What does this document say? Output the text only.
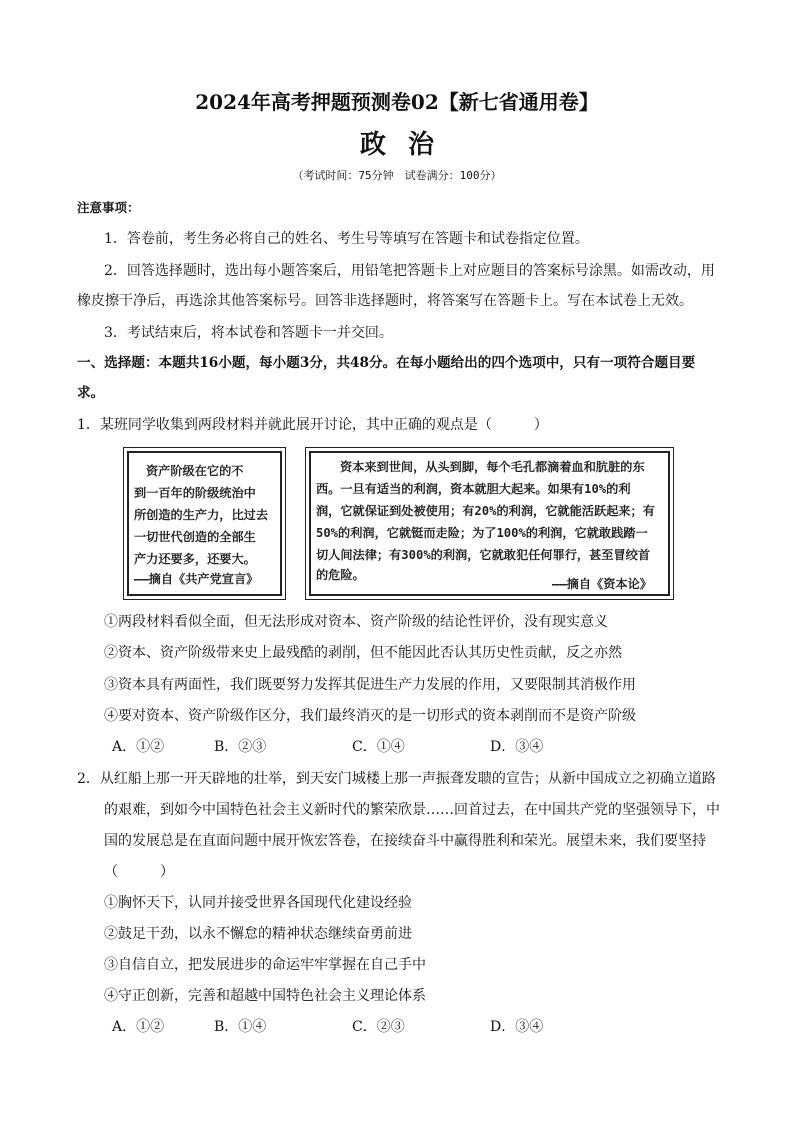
2024年高考押题预测卷02【新七省通用卷】
政治
（考试时间：75分钟　试卷满分：100分）
注意事项：
1．答卷前，考生务必将自己的姓名、考生号等填写在答题卡和试卷指定位置。
2．回答选择题时，选出每小题答案后，用铅笔把答题卡上对应题目的答案标号涂黑。如需改动，用
橡皮擦干净后，再选涂其他答案标号。回答非选择题时，将答案写在答题卡上。写在本试卷上无效。
3．考试结束后，将本试卷和答题卡一并交回。
一、选择题：本题共16小题，每小题3分，共48分。在每小题给出的四个选项中，只有一项符合题目要
求。
1．某班同学收集到两段材料并就此展开讨论，其中正确的观点是（　　　）
资产阶级在它的不
到一百年的阶级统治中
所创造的生产力，比过去
一切世代创造的全部生
产力还要多，还要大。
——摘自《共产党宣言》
资本来到世间，从头到脚，每个毛孔都滴着血和肮脏的东
西。一旦有适当的利润，资本就胆大起来。如果有10%的利
润，它就保证到处被使用；有20%的利润，它就能活跃起来；有
50%的利润，它就铤而走险；为了100%的利润，它就敢践踏一
切人间法律；有300%的利润，它就敢犯任何罪行，甚至冒绞首
的危险。
——摘自《资本论》
①两段材料看似全面，但无法形成对资本、资产阶级的结论性评价，没有现实意义
②资本、资产阶级带来史上最残酷的剥削，但不能因此否认其历史性贡献，反之亦然
③资本具有两面性，我们既要努力发挥其促进生产力发展的作用，又要限制其消极作用
④要对资本、资产阶级作区分，我们最终消灭的是一切形式的资本剥削而不是资产阶级
A．①②	B．②③	C．①④	D．③④
2．从红船上那一开天辟地的壮举，到天安门城楼上那一声振聋发聩的宣告；从新中国成立之初确立道路
的艰难，到如今中国特色社会主义新时代的繁荣欣景……回首过去，在中国共产党的坚强领导下，中
国的发展总是在直面问题中展开恢宏答卷，在接续奋斗中赢得胜利和荣光。展望未来，我们要坚持
（　　　）
①胸怀天下，认同并接受世界各国现代化建设经验
②鼓足干劲，以永不懈怠的精神状态继续奋勇前进
③自信自立，把发展进步的命运牢牢掌握在自己手中
④守正创新，完善和超越中国特色社会主义理论体系
A．①②	B．①④	C．②③	D．③④
